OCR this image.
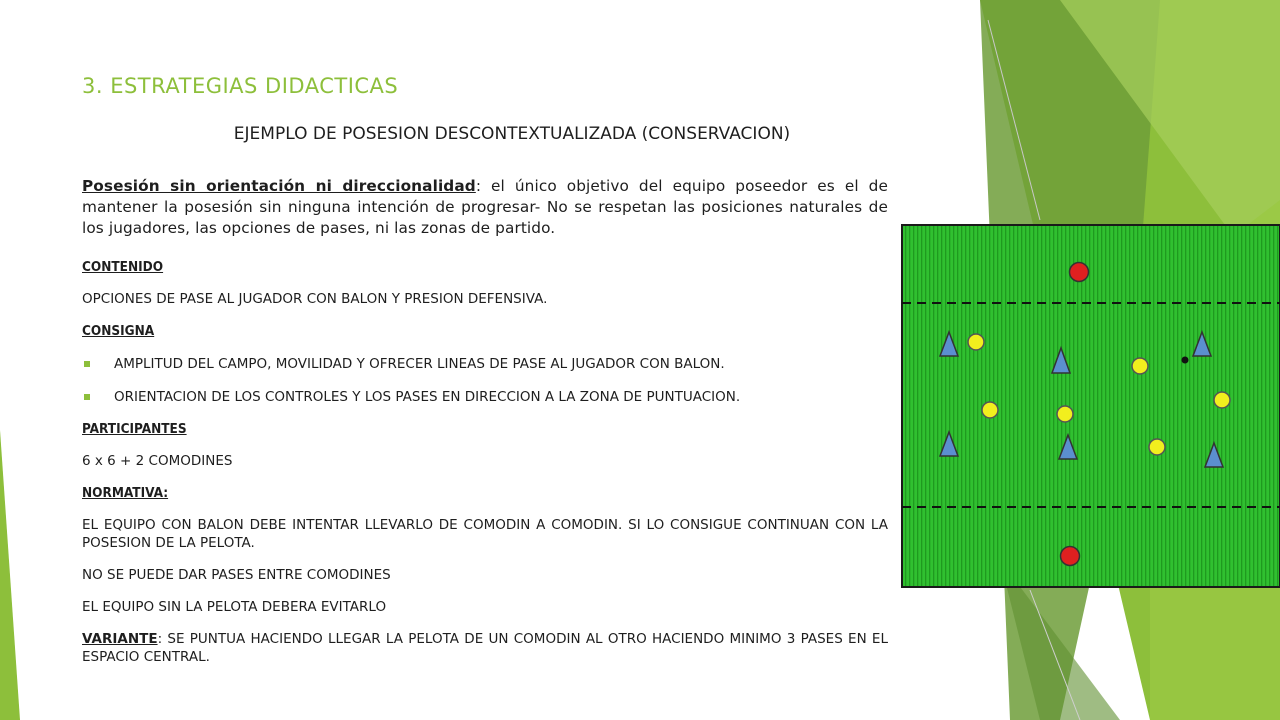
3. ESTRATEGIAS DIDACTICAS
EJEMPLO DE POSESION DESCONTEXTUALIZADA (CONSERVACION)

Posesión sin orientación ni direccionalidad: el único objetivo del equipo poseedor es el de mantener la posesión sin ninguna intención de progresar- No se respetan las posiciones naturales de los jugadores, las opciones de pases, ni las zonas de partido.

CONTENIDO

OPCIONES DE PASE AL JUGADOR CON BALON Y PRESION DEFENSIVA.

CONSIGNA

AMPLITUD DEL CAMPO, MOVILIDAD Y OFRECER LINEAS DE PASE AL JUGADOR CON BALON.
ORIENTACION DE LOS CONTROLES Y LOS PASES EN DIRECCION A LA ZONA DE PUNTUACION.

PARTICIPANTES

6 x 6 + 2 COMODINES

NORMATIVA:

EL EQUIPO CON BALON DEBE INTENTAR LLEVARLO DE COMODIN A COMODIN. SI LO CONSIGUE CONTINUAN CON LA POSESION DE LA PELOTA.

NO SE PUEDE DAR PASES ENTRE COMODINES

EL EQUIPO SIN LA PELOTA DEBERA EVITARLO

VARIANTE: SE PUNTUA HACIENDO LLEGAR LA PELOTA DE UN COMODIN AL OTRO HACIENDO MINIMO 3 PASES EN EL ESPACIO CENTRAL.
